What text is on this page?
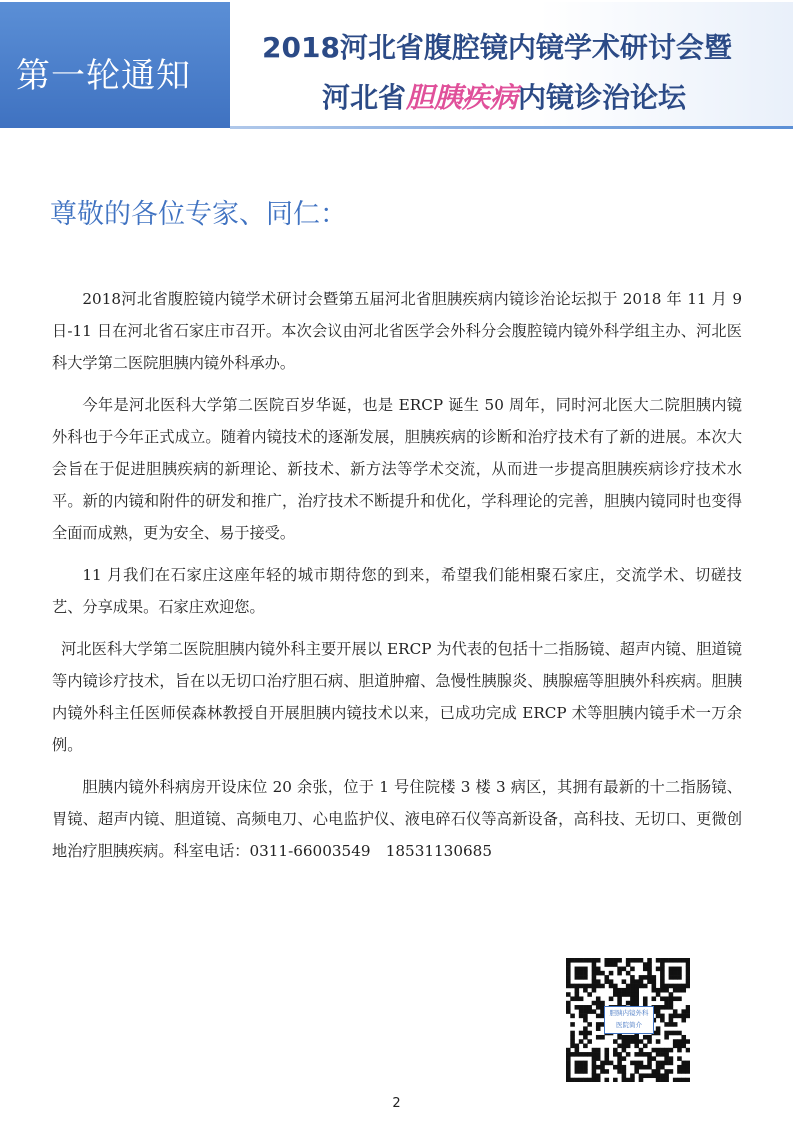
第一轮通知
2018河北省腹腔镜内镜学术研讨会暨
河北省胆胰疾病内镜诊治论坛
尊敬的各位专家、同仁：

2018河北省腹腔镜内镜学术研讨会暨第五届河北省胆胰疾病内镜诊治论坛拟于 2018 年 11 月 9 日-11 日在河北省石家庄市召开。本次会议由河北省医学会外科分会腹腔镜内镜外科学组主办、河北医科大学第二医院胆胰内镜外科承办。

今年是河北医科大学第二医院百岁华诞，也是 ERCP 诞生 50 周年，同时河北医大二院胆胰内镜外科也于今年正式成立。随着内镜技术的逐渐发展，胆胰疾病的诊断和治疗技术有了新的进展。本次大会旨在于促进胆胰疾病的新理论、新技术、新方法等学术交流，从而进一步提高胆胰疾病诊疗技术水平。新的内镜和附件的研发和推广，治疗技术不断提升和优化，学科理论的完善，胆胰内镜同时也变得全面而成熟，更为安全、易于接受。

11 月我们在石家庄这座年轻的城市期待您的到来，希望我们能相聚石家庄，交流学术、切磋技艺、分享成果。石家庄欢迎您。

河北医科大学第二医院胆胰内镜外科主要开展以 ERCP 为代表的包括十二指肠镜、超声内镜、胆道镜等内镜诊疗技术，旨在以无切口治疗胆石病、胆道肿瘤、急慢性胰腺炎、胰腺癌等胆胰外科疾病。胆胰内镜外科主任医师侯森林教授自开展胆胰内镜技术以来，已成功完成 ERCP 术等胆胰内镜手术一万余例。

胆胰内镜外科病房开设床位 20 余张，位于 1 号住院楼 3 楼 3 病区，其拥有最新的十二指肠镜、胃镜、超声内镜、胆道镜、高频电刀、心电监护仪、液电碎石仪等高新设备，高科技、无切口、更微创地治疗胆胰疾病。科室电话：0311-66003549　18531130685

胆胰内镜外科
医院简介
2
